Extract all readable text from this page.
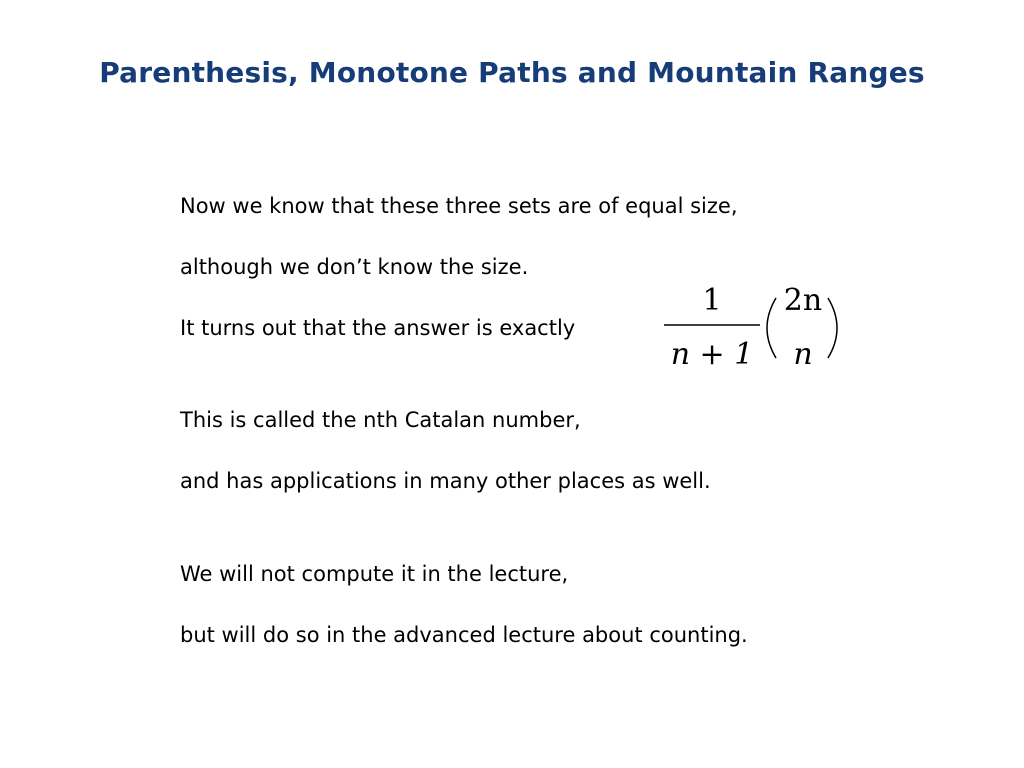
Parenthesis, Monotone Paths and Mountain Ranges
Now we know that these three sets are of equal size,
although we don’t know the size.
It turns out that the answer is exactly
1
n + 1
2n
n
This is called the nth Catalan number,
and has applications in many other places as well.
We will not compute it in the lecture,
but will do so in the advanced lecture about counting.
